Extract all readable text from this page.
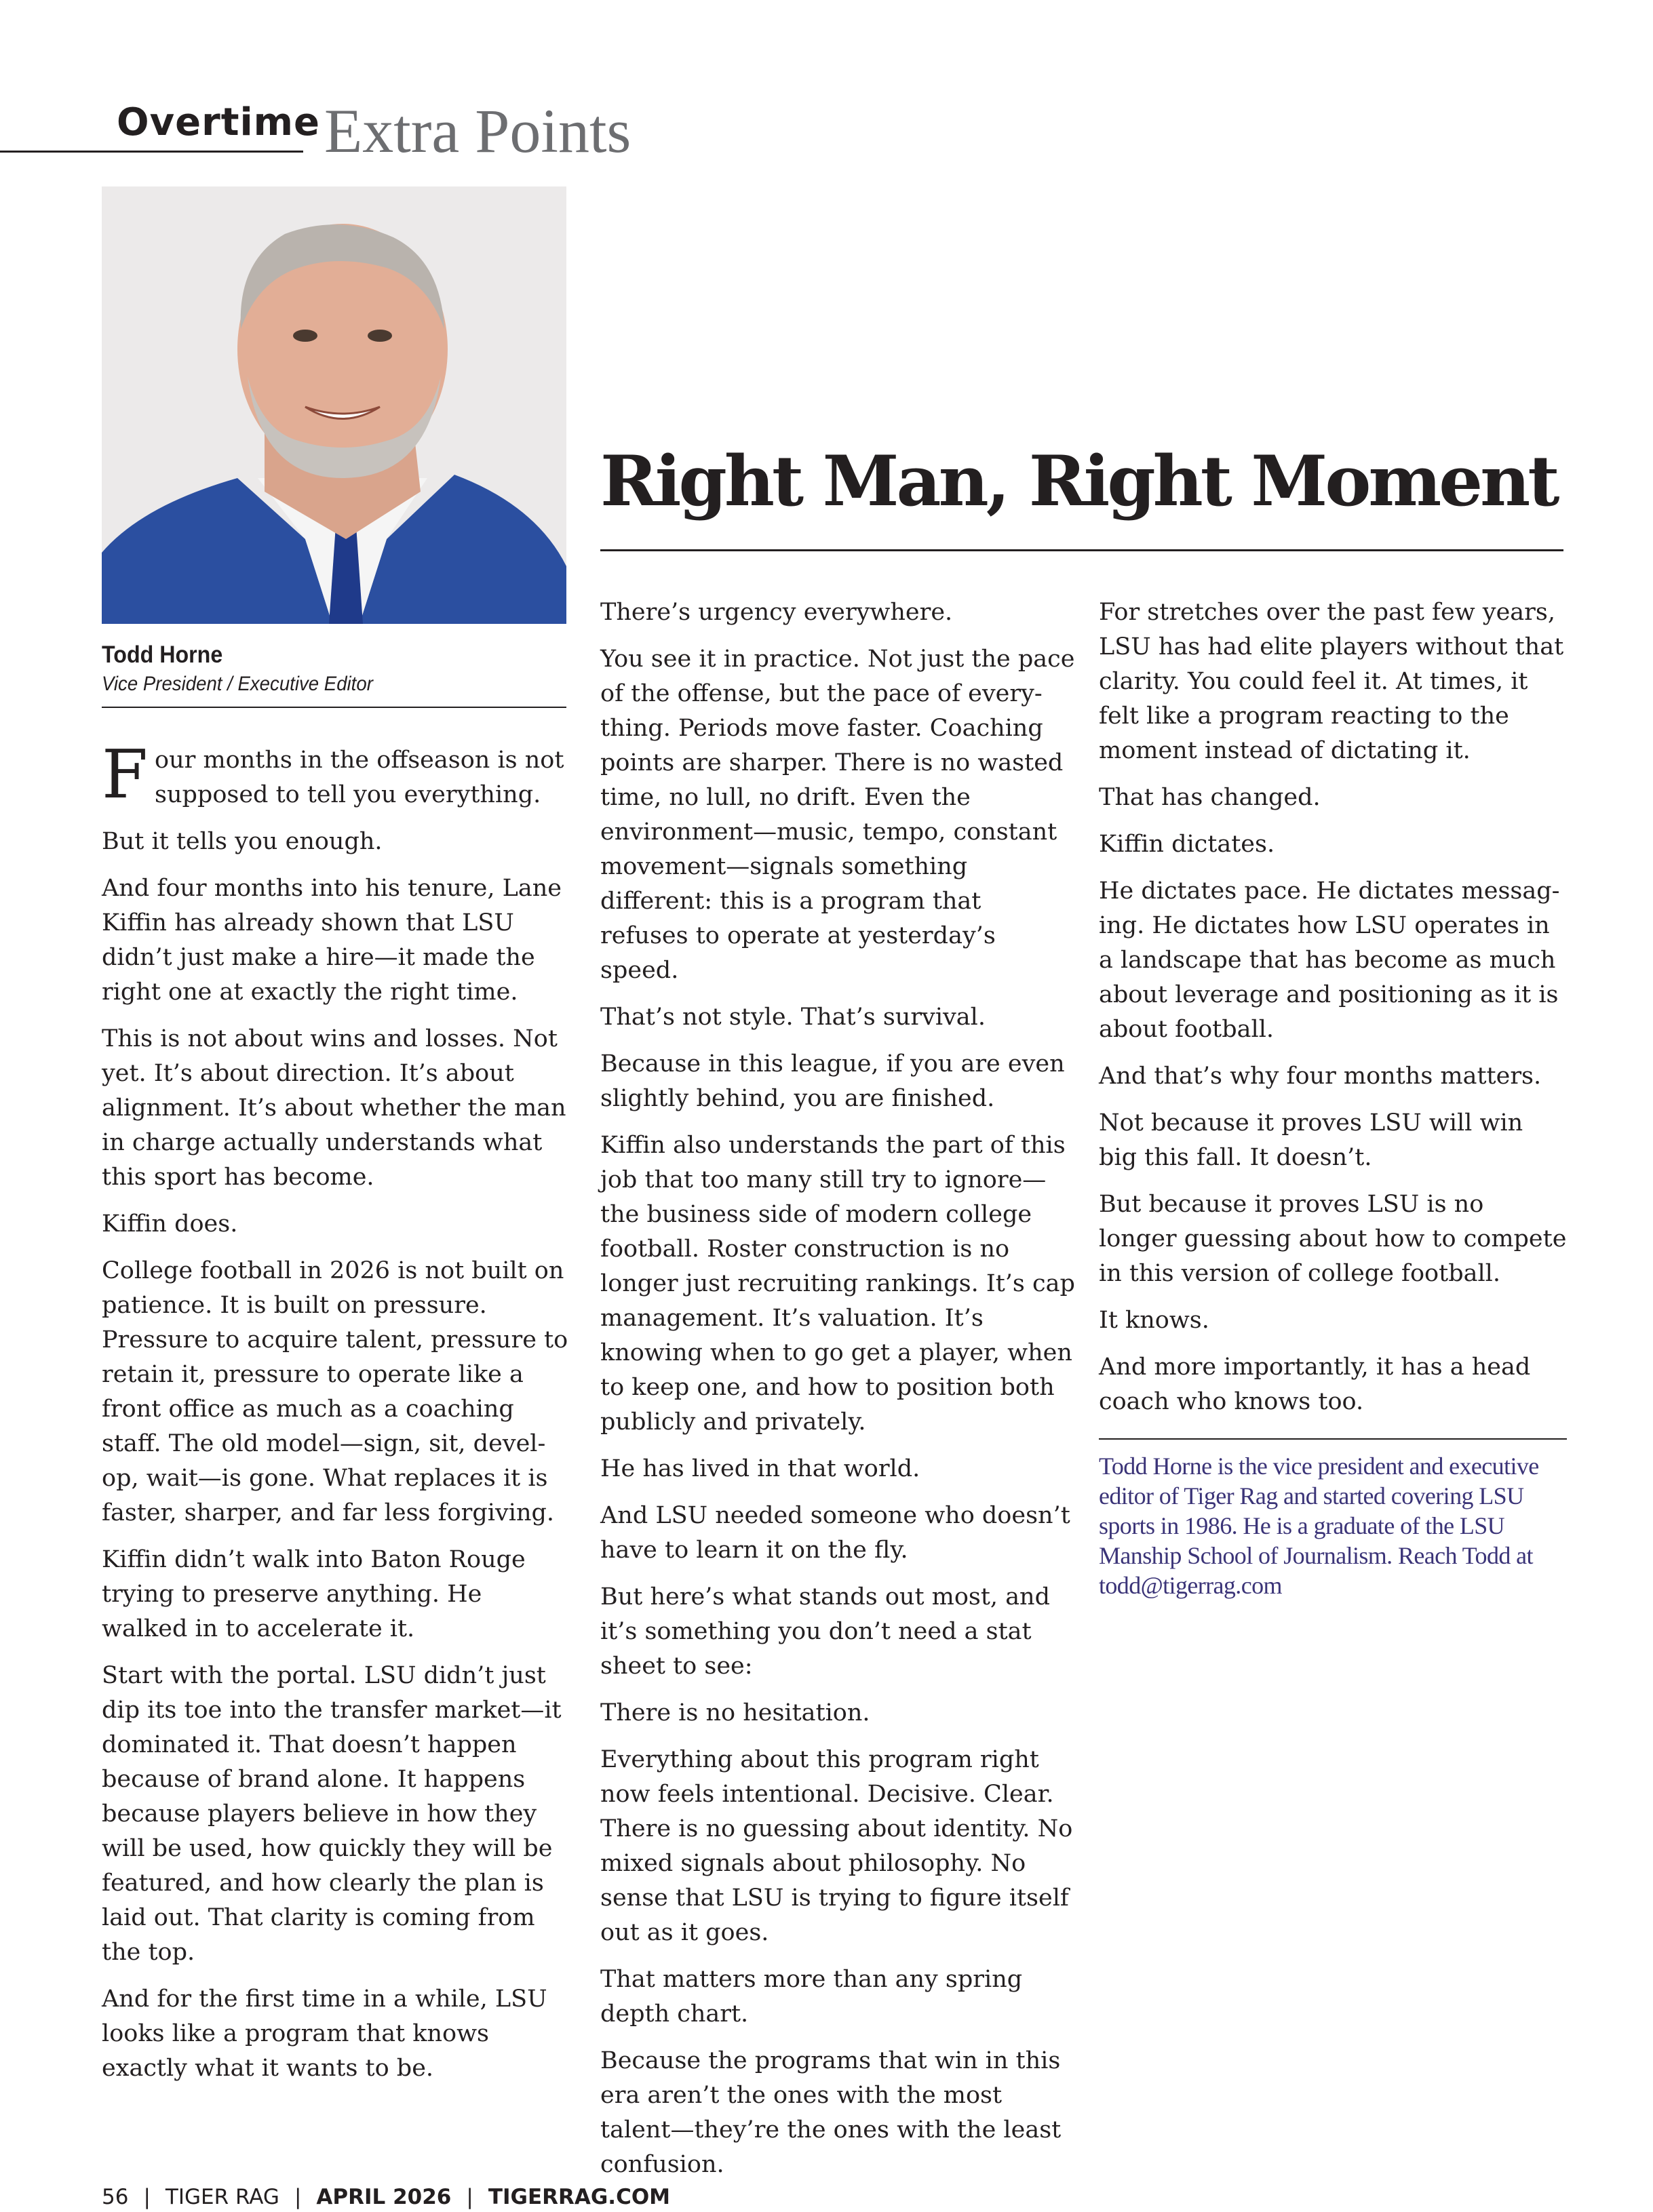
Overtime Extra Points
Todd Horne
Vice President / Executive Editor
Right Man, Right Moment

Four months in the offseason is not supposed to tell you everything.

But it tells you enough.

And four months into his tenure, Lane Kiffin has already shown that LSU didn’t just make a hire—it made the right one at exactly the right time.

This is not about wins and losses. Not yet. It’s about direction. It’s about alignment. It’s about whether the man in charge actually understands what this sport has become.

Kiffin does.

College football in 2026 is not built on patience. It is built on pressure. Pressure to acquire talent, pressure to retain it, pressure to operate like a front office as much as a coaching staff. The old model—sign, sit, develop, wait—is gone. What replaces it is faster, sharper, and far less forgiving.

Kiffin didn’t walk into Baton Rouge trying to preserve anything. He walked in to accelerate it.

Start with the portal. LSU didn’t just dip its toe into the transfer market—it dominated it. That doesn’t happen because of brand alone. It happens because players believe in how they will be used, how quickly they will be featured, and how clearly the plan is laid out. That clarity is coming from the top.

And for the first time in a while, LSU looks like a program that knows exactly what it wants to be.

There’s urgency everywhere.

You see it in practice. Not just the pace of the offense, but the pace of everything. Periods move faster. Coaching points are sharper. There is no wasted time, no lull, no drift. Even the environment—music, tempo, constant movement—signals something different: this is a program that refuses to operate at yesterday’s speed.

That’s not style. That’s survival.

Because in this league, if you are even slightly behind, you are finished.

Kiffin also understands the part of this job that too many still try to ignore—the business side of modern college football. Roster construction is no longer just recruiting rankings. It’s cap management. It’s valuation. It’s knowing when to go get a player, when to keep one, and how to position both publicly and privately.

He has lived in that world.

And LSU needed someone who doesn’t have to learn it on the fly.

But here’s what stands out most, and it’s something you don’t need a stat sheet to see:

There is no hesitation.

Everything about this program right now feels intentional. Decisive. Clear. There is no guessing about identity. No mixed signals about philosophy. No sense that LSU is trying to figure itself out as it goes.

That matters more than any spring depth chart.

Because the programs that win in this era aren’t the ones with the most talent—they’re the ones with the least confusion.

For stretches over the past few years, LSU has had elite players without that clarity. You could feel it. At times, it felt like a program reacting to the moment instead of dictating it.

That has changed.

Kiffin dictates.

He dictates pace. He dictates messaging. He dictates how LSU operates in a landscape that has become as much about leverage and positioning as it is about football.

And that’s why four months matters.

Not because it proves LSU will win big this fall. It doesn’t.

But because it proves LSU is no longer guessing about how to compete in this version of college football.

It knows.

And more importantly, it has a head coach who knows too.

Todd Horne is the vice president and executive editor of Tiger Rag and started covering LSU sports in 1986. He is a graduate of the LSU Manship School of Journalism. Reach Todd at todd@tigerrag.com
56 | TIGER RAG | APRIL 2026 | TIGERRAG.COM
